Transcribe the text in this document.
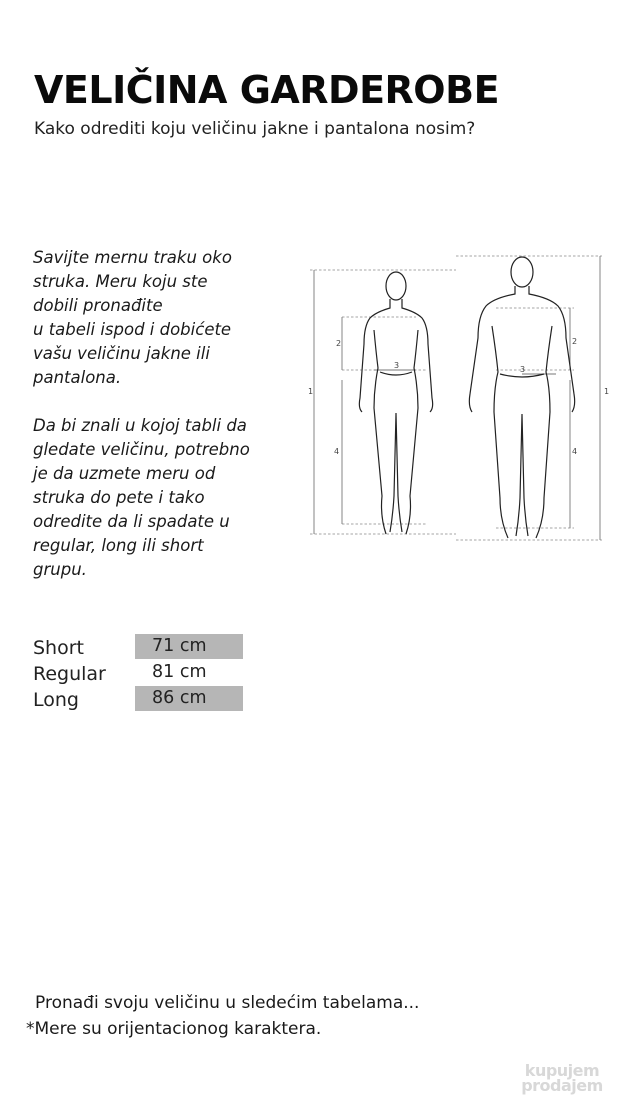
VELIČINA GARDEROBE

Kako odrediti koju veličinu jakne i pantalona nosim?

Savijte mernu traku oko
struka. Meru koju ste
dobili pronađite
u tabeli ispod i dobićete
vašu veličinu jakne ili
pantalona.

Da bi znali u kojoj tabli da
gledate veličinu, potrebno
je da uzmete meru od
struka do pete i tako
odredite da li spadate u
regular, long ili short
grupu.

1
2
3
4
1
2
3
4
Short	71 cm
Regular	81 cm
Long	86 cm
Pronađi svoju veličinu u sledećim tabelama...
*Mere su orijentacionog karaktera.
kupujem
prodajem
